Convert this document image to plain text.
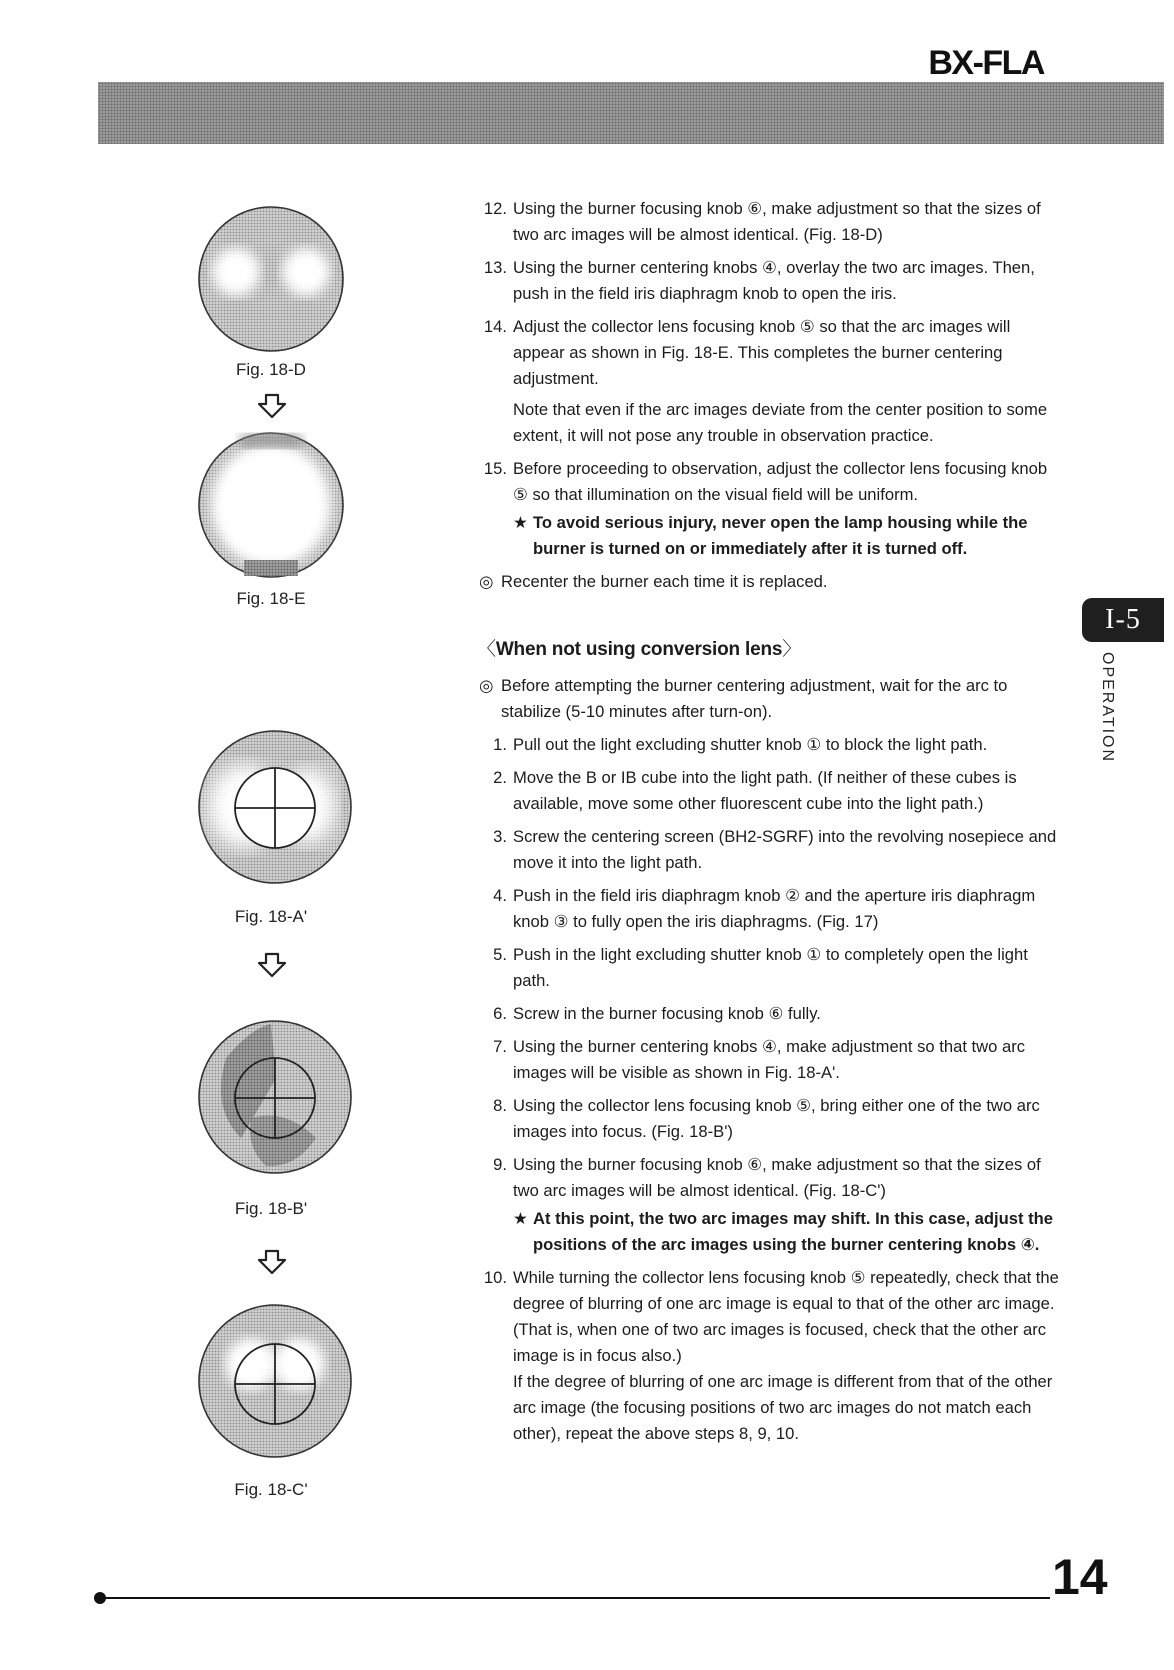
BX-FLA
Fig. 18-D
Fig. 18-E
Fig. 18-A'
Fig. 18-B'
Fig. 18-C'
12. Using the burner focusing knob ⑥, make adjustment so that the sizes of two arc images will be almost identical. (Fig. 18-D)
13. Using the burner centering knobs ④, overlay the two arc images. Then, push in the field iris diaphragm knob to open the iris.
14. Adjust the collector lens focusing knob ⑤ so that the arc images will appear as shown in Fig. 18-E. This completes the burner centering adjustment.
Note that even if the arc images deviate from the center position to some extent, it will not pose any trouble in observation practice.
15. Before proceeding to observation, adjust the collector lens focusing knob ⑤ so that illumination on the visual field will be uniform.
★ To avoid serious injury, never open the lamp housing while the burner is turned on or immediately after it is turned off.
◎ Recenter the burner each time it is replaced.
〈When not using conversion lens〉
◎ Before attempting the burner centering adjustment, wait for the arc to stabilize (5-10 minutes after turn-on).
1. Pull out the light excluding shutter knob ① to block the light path.
2. Move the B or IB cube into the light path. (If neither of these cubes is available, move some other fluorescent cube into the light path.)
3. Screw the centering screen (BH2-SGRF) into the revolving nosepiece and move it into the light path.
4. Push in the field iris diaphragm knob ② and the aperture iris diaphragm knob ③ to fully open the iris diaphragms. (Fig. 17)
5. Push in the light excluding shutter knob ① to completely open the light path.
6. Screw in the burner focusing knob ⑥ fully.
7. Using the burner centering knobs ④, make adjustment so that two arc images will be visible as shown in Fig. 18-A'.
8. Using the collector lens focusing knob ⑤, bring either one of the two arc images into focus. (Fig. 18-B')
9. Using the burner focusing knob ⑥, make adjustment so that the sizes of two arc images will be almost identical. (Fig. 18-C')
★ At this point, the two arc images may shift. In this case, adjust the positions of the arc images using the burner centering knobs ④.
10. While turning the collector lens focusing knob ⑤ repeatedly, check that the degree of blurring of one arc image is equal to that of the other arc image. (That is, when one of two arc images is focused, check that the other arc image is in focus also.)
If the degree of blurring of one arc image is different from that of the other arc image (the focusing positions of two arc images do not match each other), repeat the above steps 8, 9, 10.
I-5
OPERATION
14
